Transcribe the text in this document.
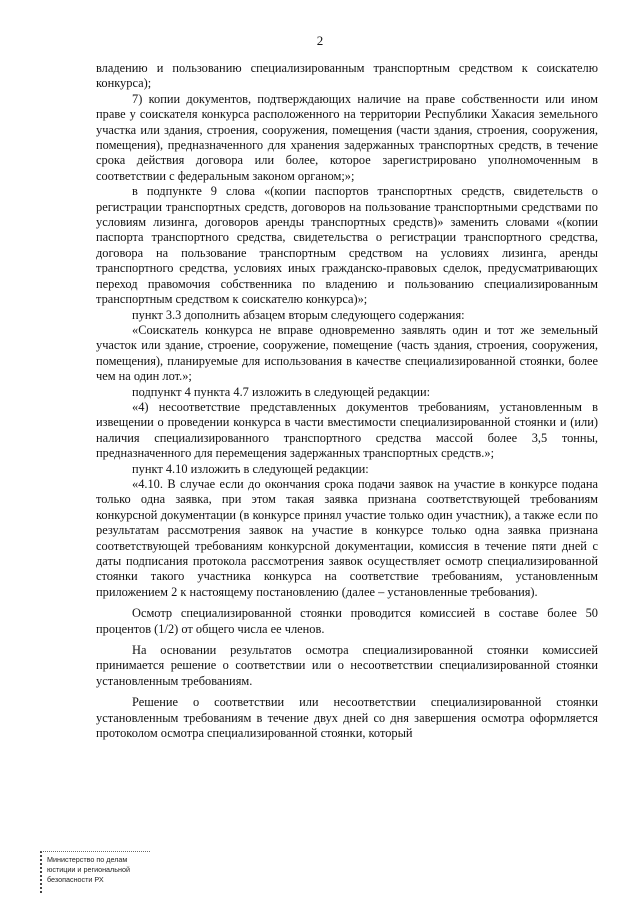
2

владению и пользованию специализированным транспортным средством к соискателю конкурса);

7) копии документов, подтверждающих наличие на праве собственности или ином праве у соискателя конкурса расположенного на территории Республики Хакасия земельного участка или здания, строения, сооружения, помещения (части здания, строения, сооружения, помещения), предназначенного для хранения задержанных транспортных средств, в течение срока действия договора или более, которое зарегистрировано уполномоченным в соответствии с федеральным законом органом;»;

в подпункте 9 слова «(копии паспортов транспортных средств, свидетельств о регистрации транспортных средств, договоров на пользование транспортными средствами по условиям лизинга, договоров аренды транспортных средств)» заменить словами «(копии паспорта транспортного средства, свидетельства о регистрации транспортного средства, договора на пользование транспортным средством на условиях лизинга, аренды транспортного средства, условиях иных гражданско-правовых сделок, предусматривающих переход правомочия собственника по владению и пользованию специализированным транспортным средством к соискателю конкурса)»;

пункт 3.3 дополнить абзацем вторым следующего содержания:

«Соискатель конкурса не вправе одновременно заявлять один и тот же земельный участок или здание, строение, сооружение, помещение (часть здания, строения, сооружения, помещения), планируемые для использования в качестве специализированной стоянки, более чем на один лот.»;

подпункт 4 пункта 4.7 изложить в следующей редакции:

«4) несоответствие представленных документов требованиям, установленным в извещении о проведении конкурса в части вместимости специализированной стоянки и (или) наличия специализированного транспортного средства массой более 3,5 тонны, предназначенного для перемещения задержанных транспортных средств.»;

пункт 4.10 изложить в следующей редакции:

«4.10. В случае если до окончания срока подачи заявок на участие в конкурсе подана только одна заявка, при этом такая заявка признана соответствующей требованиям конкурсной документации (в конкурсе принял участие только один участник), а также если по результатам рассмотрения заявок на участие в конкурсе только одна заявка признана соответствующей требованиям конкурсной документации, комиссия в течение пяти дней с даты подписания протокола рассмотрения заявок осуществляет осмотр специализированной стоянки такого участника конкурса на соответствие требованиям, установленным приложением 2 к настоящему постановлению (далее – установленные требования).

Осмотр специализированной стоянки проводится комиссией в составе более 50 процентов (1/2) от общего числа ее членов.

На основании результатов осмотра специализированной стоянки комиссией принимается решение о соответствии или о несоответствии специализированной стоянки установленным требованиям.

Решение о соответствии или несоответствии специализированной стоянки установленным требованиям в течение двух дней со дня завершения осмотра оформляется протоколом осмотра специализированной стоянки, который

Министерство по делам
юстиции и региональной
безопасности РХ
